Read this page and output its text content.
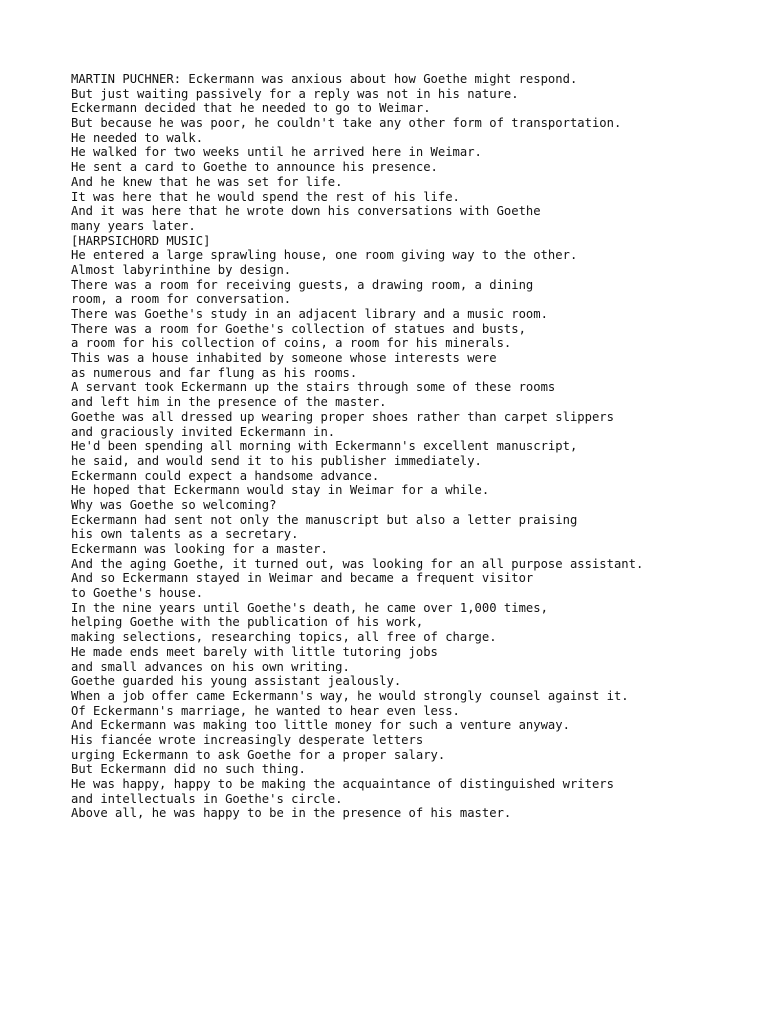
MARTIN PUCHNER: Eckermann was anxious about how Goethe might respond.

But just waiting passively for a reply was not in his nature.

Eckermann decided that he needed to go to Weimar.

But because he was poor, he couldn't take any other form of transportation.

He needed to walk.

He walked for two weeks until he arrived here in Weimar.

He sent a card to Goethe to announce his presence.

And he knew that he was set for life.

It was here that he would spend the rest of his life.

And it was here that he wrote down his conversations with Goethe

many years later.

[HARPSICHORD MUSIC]

He entered a large sprawling house, one room giving way to the other.

Almost labyrinthine by design.

There was a room for receiving guests, a drawing room, a dining

room, a room for conversation.

There was Goethe's study in an adjacent library and a music room.

There was a room for Goethe's collection of statues and busts,

a room for his collection of coins, a room for his minerals.

This was a house inhabited by someone whose interests were

as numerous and far flung as his rooms.

A servant took Eckermann up the stairs through some of these rooms

and left him in the presence of the master.

Goethe was all dressed up wearing proper shoes rather than carpet slippers

and graciously invited Eckermann in.

He'd been spending all morning with Eckermann's excellent manuscript,

he said, and would send it to his publisher immediately.

Eckermann could expect a handsome advance.

He hoped that Eckermann would stay in Weimar for a while.

Why was Goethe so welcoming?

Eckermann had sent not only the manuscript but also a letter praising

his own talents as a secretary.

Eckermann was looking for a master.

And the aging Goethe, it turned out, was looking for an all purpose assistant.

And so Eckermann stayed in Weimar and became a frequent visitor

to Goethe's house.

In the nine years until Goethe's death, he came over 1,000 times,

helping Goethe with the publication of his work,

making selections, researching topics, all free of charge.

He made ends meet barely with little tutoring jobs

and small advances on his own writing.

Goethe guarded his young assistant jealously.

When a job offer came Eckermann's way, he would strongly counsel against it.

Of Eckermann's marriage, he wanted to hear even less.

And Eckermann was making too little money for such a venture anyway.

His fiancée wrote increasingly desperate letters

urging Eckermann to ask Goethe for a proper salary.

But Eckermann did no such thing.

He was happy, happy to be making the acquaintance of distinguished writers

and intellectuals in Goethe's circle.

Above all, he was happy to be in the presence of his master.
